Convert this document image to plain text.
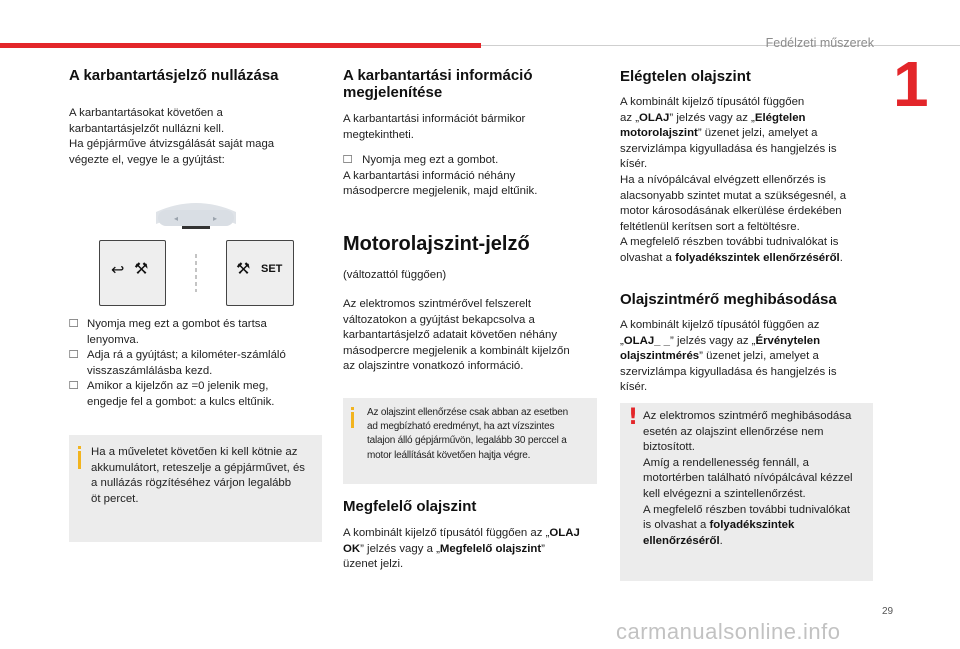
Fedélzeti műszerek
1
A karbantartásjelző nullázása
A karbantartásokat követően a
karbantartásjelzőt nullázni kell.
Ha gépjárműve átvizsgálását saját maga
végezte el, vegye le a gyújtást:
◂	▸
↩ ⚒	⚒ SET
🞎 Nyomja meg ezt a gombot és tartsa
lenyomva.
🞎 Adja rá a gyújtást; a kilométer-számláló
visszaszámlálásba kezd.
🞎 Amikor a kijelzőn az =0 jelenik meg,
engedje fel a gombot: a kulcs eltűnik.
Ha a műveletet követően ki kell kötnie az
akkumulátort, reteszelje a gépjárművet, és
a nullázás rögzítéséhez várjon legalább
öt percet.
A karbantartási információ
megjelenítése
A karbantartási információt bármikor
megtekintheti.
🞎 Nyomja meg ezt a gombot.
A karbantartási információ néhány
másodpercre megjelenik, majd eltűnik.
Motorolajszint-jelző
(változattól függően)
Az elektromos szintmérővel felszerelt
változatokon a gyújtást bekapcsolva a
karbantartásjelző adatait követően néhány
másodpercre megjelenik a kombinált kijelzőn
az olajszintre vonatkozó információ.
Az olajszint ellenőrzése csak abban az esetben
ad megbízható eredményt, ha azt vízszintes
talajon álló gépjárművön, legalább 30 perccel a
motor leállítását követően hajtja végre.
Megfelelő olajszint
A kombinált kijelző típusától függően az „OLAJ
OK” jelzés vagy a „Megfelelő olajszint”
üzenet jelzi.
Elégtelen olajszint
A kombinált kijelző típusától függően
az „OLAJ” jelzés vagy az „Elégtelen
motorolajszint” üzenet jelzi, amelyet a
szervizlámpa kigyulladása és hangjelzés is
kísér.
Ha a nívópálcával elvégzett ellenőrzés is
alacsonyabb szintet mutat a szükségesnél, a
motor károsodásának elkerülése érdekében
feltétlenül kerítsen sort a feltöltésre.
A megfelelő részben további tudnivalókat is
olvashat a folyadékszintek ellenőrzéséről.
Olajszintmérő meghibásodása
A kombinált kijelző típusától függően az
„OLAJ_ _” jelzés vagy az „Érvénytelen
olajszintmérés” üzenet jelzi, amelyet a
szervizlámpa kigyulladása és hangjelzés is
kísér.
! Az elektromos szintmérő meghibásodása
esetén az olajszint ellenőrzése nem
biztosított.
Amíg a rendellenesség fennáll, a
motortérben található nívópálcával kézzel
kell elvégezni a szintellenőrzést.
A megfelelő részben további tudnivalókat
is olvashat a folyadékszintek
ellenőrzéséről.
29
carmanualsonline.info
